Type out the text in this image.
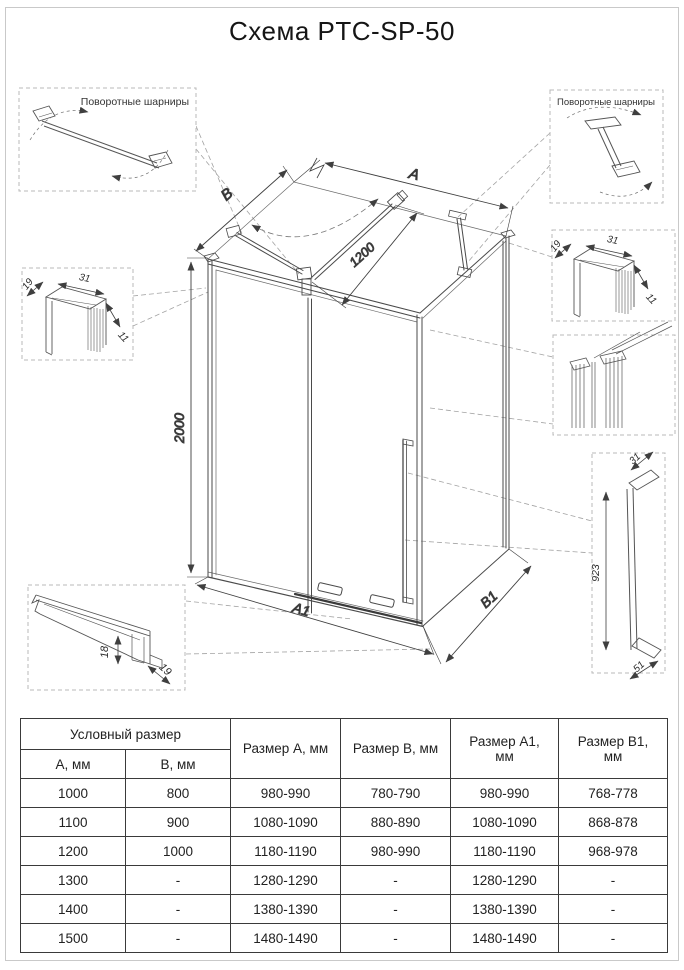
Схема PTC-SP-50
A
B
2000
1200
A1	B1
Поворотные шарниры	Поворотные шарниры
19	31
11
19	31
11
923
31
51
18
19
Условный размер		Размер А, мм	Размер В, мм	Размер А1, мм	Размер В1, мм
А, мм	В, мм				
1000	800	980-990	780-790	980-990	768-778
1100	900	1080-1090	880-890	1080-1090	868-878
1200	1000	1180-1190	980-990	1180-1190	968-978
1300	-	1280-1290	-	1280-1290	-
1400	-	1380-1390	-	1380-1390	-
1500	-	1480-1490	-	1480-1490	-
